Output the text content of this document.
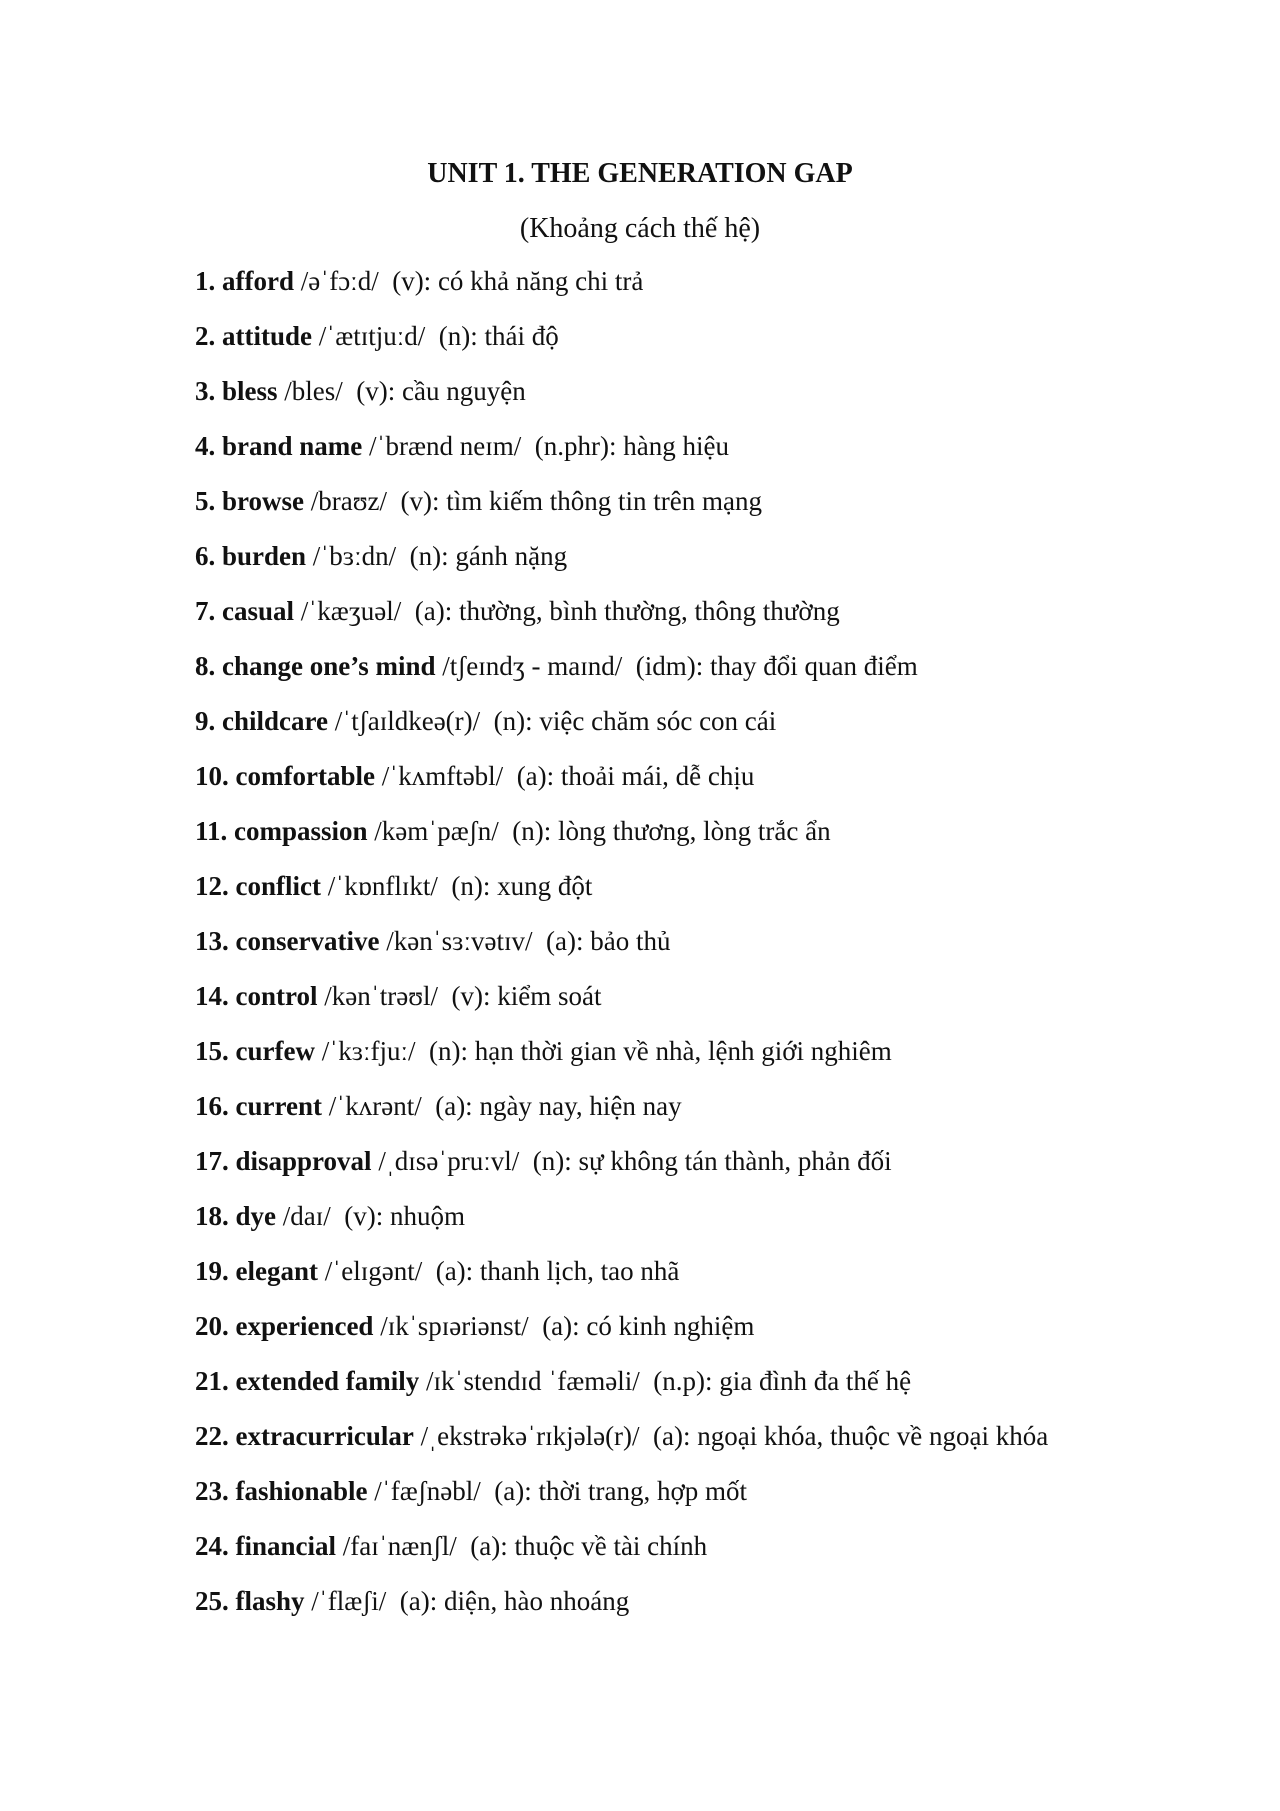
UNIT 1. THE GENERATION GAP

(Khoảng cách thế hệ)

1. afford /əˈfɔːd/ (v): có khả năng chi trả
2. attitude /ˈætɪtjuːd/ (n): thái độ
3. bless /bles/ (v): cầu nguyện
4. brand name /ˈbrænd neɪm/ (n.phr): hàng hiệu
5. browse /braʊz/ (v): tìm kiếm thông tin trên mạng
6. burden /ˈbɜːdn/ (n): gánh nặng
7. casual /ˈkæʒuəl/ (a): thường, bình thường, thông thường
8. change one’s mind /tʃeɪndʒ - maɪnd/ (idm): thay đổi quan điểm
9. childcare /ˈtʃaɪldkeə(r)/ (n): việc chăm sóc con cái
10. comfortable /ˈkʌmftəbl/ (a): thoải mái, dễ chịu
11. compassion /kəmˈpæʃn/ (n): lòng thương, lòng trắc ẩn
12. conflict /ˈkɒnflɪkt/ (n): xung đột
13. conservative /kənˈsɜːvətɪv/ (a): bảo thủ
14. control /kənˈtrəʊl/ (v): kiểm soát
15. curfew /ˈkɜːfjuː/ (n): hạn thời gian về nhà, lệnh giới nghiêm
16. current /ˈkʌrənt/ (a): ngày nay, hiện nay
17. disapproval /ˌdɪsəˈpruːvl/ (n): sự không tán thành, phản đối
18. dye /daɪ/ (v): nhuộm
19. elegant /ˈelɪgənt/ (a): thanh lịch, tao nhã
20. experienced /ɪkˈspɪəriənst/ (a): có kinh nghiệm
21. extended family /ɪkˈstendɪd ˈfæməli/ (n.p): gia đình đa thế hệ
22. extracurricular /ˌekstrəkəˈrɪkjələ(r)/ (a): ngoại khóa, thuộc về ngoại khóa
23. fashionable /ˈfæʃnəbl/ (a): thời trang, hợp mốt
24. financial /faɪˈnænʃl/ (a): thuộc về tài chính
25. flashy /ˈflæʃi/ (a): diện, hào nhoáng
